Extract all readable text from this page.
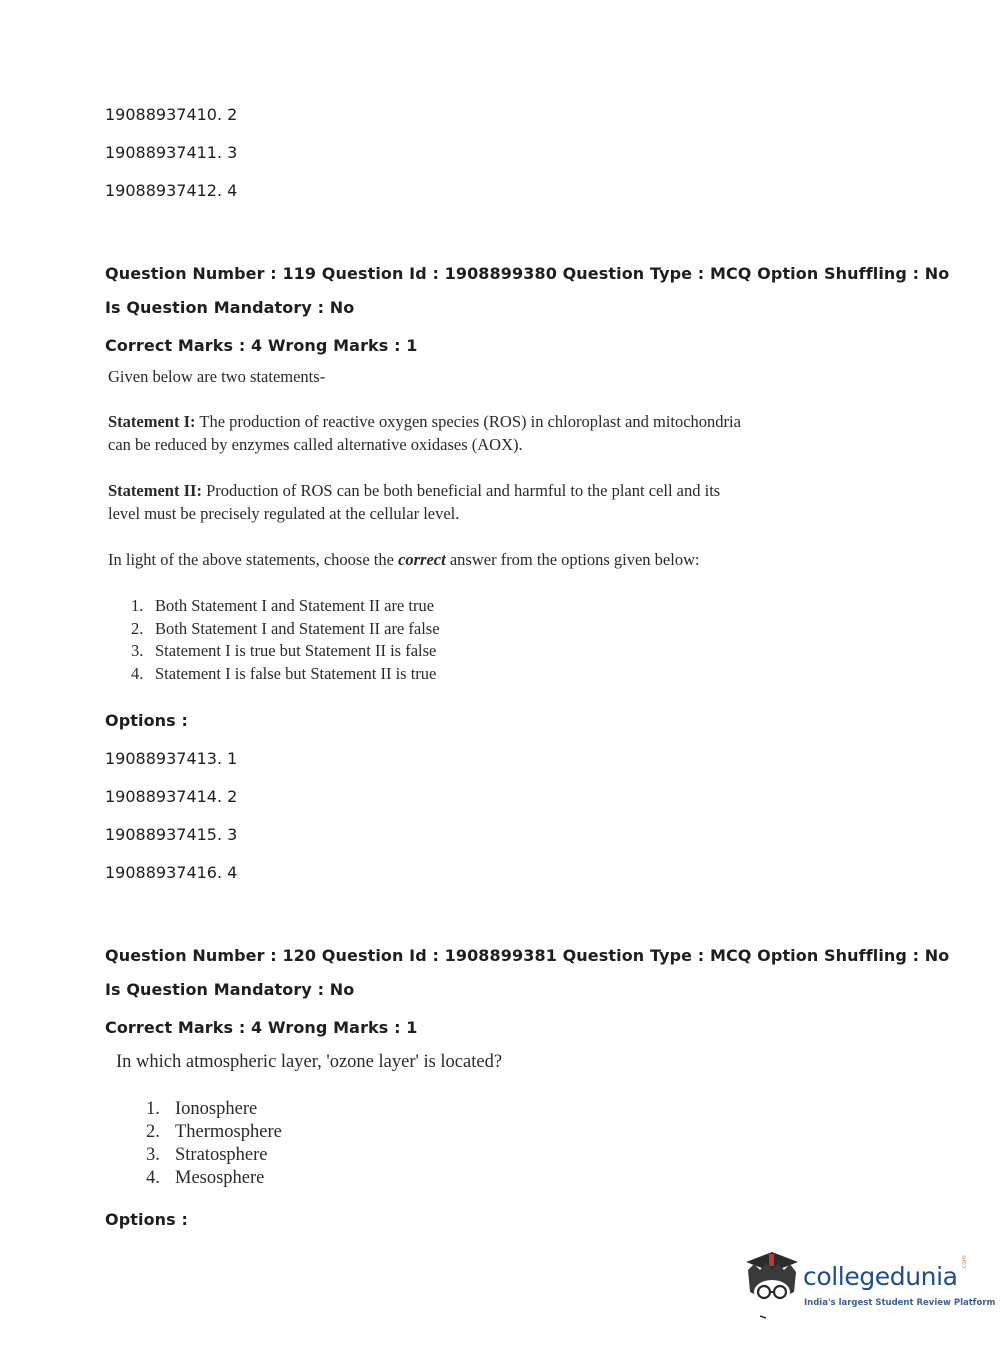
19088937410. 2
19088937411. 3
19088937412. 4
Question Number : 119 Question Id : 1908899380 Question Type : MCQ Option Shuffling : No
Is Question Mandatory : No
Correct Marks : 4 Wrong Marks : 1
Given below are two statements-
Statement I: The production of reactive oxygen species (ROS) in chloroplast and mitochondria
can be reduced by enzymes called alternative oxidases (AOX).
Statement II: Production of ROS can be both beneficial and harmful to the plant cell and its
level must be precisely regulated at the cellular level.
In light of the above statements, choose the correct answer from the options given below:
1. Both Statement I and Statement II are true
2. Both Statement I and Statement II are false
3. Statement I is true but Statement II is false
4. Statement I is false but Statement II is true
Options :
19088937413. 1
19088937414. 2
19088937415. 3
19088937416. 4
Question Number : 120 Question Id : 1908899381 Question Type : MCQ Option Shuffling : No
Is Question Mandatory : No
Correct Marks : 4 Wrong Marks : 1
In which atmospheric layer, 'ozone layer' is located?
1. Ionosphere
2. Thermosphere
3. Stratosphere
4. Mesosphere
Options :
collegedunia .com
India's largest Student Review Platform
